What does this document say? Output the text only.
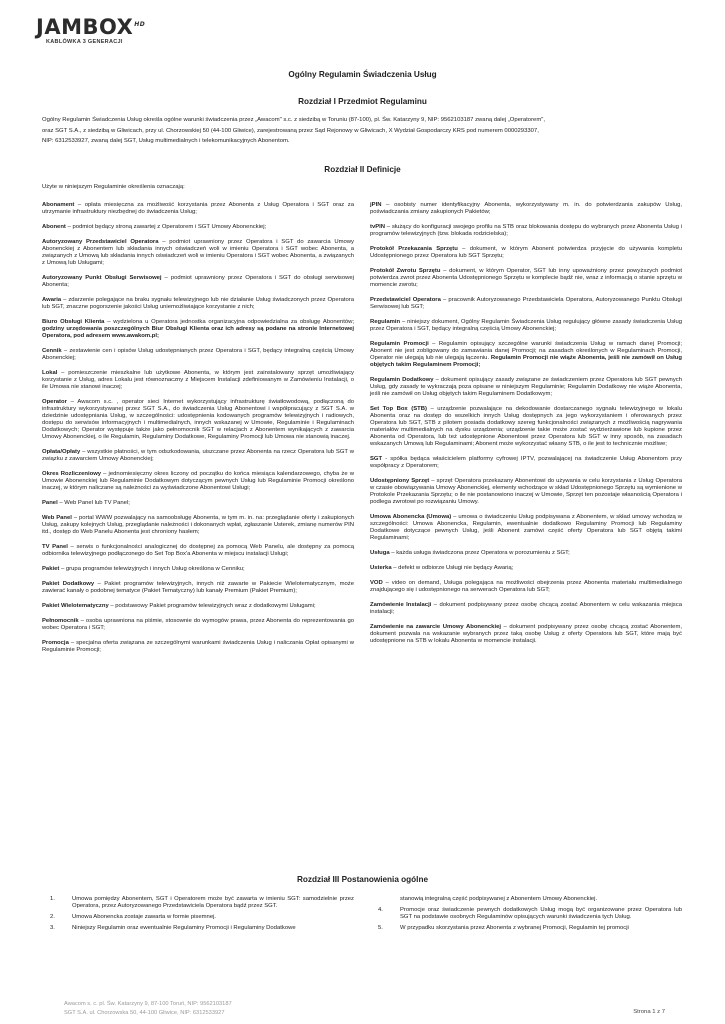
$JAMBOX^{HD}$
KABLÓWKA 3 GENERACJI
Ogólny Regulamin Świadczenia Usług
Rozdział I Przedmiot Regulaminu

Ogólny Regulamin Świadczenia Usług określa ogólne warunki świadczenia przez „Awacom" s.c. z siedzibą w Toruniu (87-100), pl. Św. Katarzyny 9, NIP: 9562103187 zwaną dalej „Operatorem",

oraz SGT S.A., z siedzibą w Gliwicach, przy ul. Chorzowskiej 50 (44-100 Gliwice), zarejestrowaną przez Sąd Rejonowy w Gliwicach, X Wydział Gospodarczy KRS pod numerem 0000293307,

NIP: 6312533927, zwaną dalej SGT, Usług multimedialnych i telekomunikacyjnych Abonentom.

Rozdział II Definicje
Użyte w niniejszym Regulaminie określenia oznaczają:

Abonament – opłata miesięczna za możliwość korzystania przez Abonenta z Usług Operatora i SGT oraz za utrzymanie infrastruktury niezbędnej do świadczenia Usług;

Abonent – podmiot będący stroną zawartej z Operatorem i SGT Umowy Abonenckiej;

Autoryzowany Przedstawiciel Operatora – podmiot uprawniony przez Operatora i SGT do zawarcia Umowy Abonenckiej z Abonentem lub składania innych oświadczeń woli w imieniu Operatora i SGT wobec Abonenta, a związanych z Umową lub składania innych oświadczeń woli w imieniu Operatora i SGT wobec Abonenta, a związanych z Umową lub Usługami;

Autoryzowany Punkt Obsługi Serwisowej – podmiot uprawniony przez Operatora i SGT do obsługi serwisowej Abonenta;

Awaria – zdarzenie polegające na braku sygnału telewizyjnego lub nie działanie Usług świadczonych przez Operatora lub SGT, znaczne pogorszenie jakości Usług uniemożliwiające korzystanie z nich;

Biuro Obsługi Klienta – wydzielona u Operatora jednostka organizacyjna odpowiedzialna za obsługę Abonentów; godziny urzędowania poszczególnych Biur Obsługi Klienta oraz ich adresy są podane na stronie Internetowej Operatora, pod adresem www.awakom.pl;

Cennik – zestawienie cen i opisów Usług udostępnianych przez Operatora i SGT, będący integralną częścią Umowy Abonenckiej;

Lokal – pomieszczenie mieszkalne lub użytkowe Abonenta, w którym jest zainstalowany sprzęt umożliwiający korzystanie z Usług, adres Lokalu jest równoznaczny z Miejscem Instalacji zdefiniowanym w Zamówieniu Instalacji, o ile Umowa nie stanowi inaczej;

Operator – Awacom s.c. , operator sieci Internet wykorzystujący infrastrukturę światłowodową, podłączoną do infrastruktury wykorzystywanej przez SGT S.A., do świadczenia Usług Abonentowi i współpracujący z SGT S.A. w dziedzinie udostępniania Usług, w szczególności: udostępnienia kodowanych programów telewizyjnych i radiowych, dostępu do serwisów informacyjnych i multimedialnych, innych wskazanej w Umowie, Regulaminie i Regulaminach Dodatkowych; Operator występuje także jako pełnomocnik SGT w relacjach z Abonentem wynikających z zawarcia Umowy Abonenckiej, o ile Regulamin, Regulaminy Dodatkowe, Regulaminy Promocji lub Umowa nie stanowią inaczej.

Opłata/Opłaty – wszystkie płatności, w tym odszkodowania, uiszczane przez Abonenta na rzecz Operatora lub SGT w związku z zawarciem Umowy Abonenckiej;

Okres Rozliczeniowy – jednomiesięczny okres liczony od początku do końca miesiąca kalendarzowego, chyba że w Umowie Abonenckiej lub Regulaminie Dodatkowym dotyczącym pewnych Usług lub Regulaminie Promocji określono inaczej, w którym naliczane są należności za wyświadczone Abonentowi Usługi;

Panel – Web Panel lub TV Panel;

Web Panel – portal WWW pozwalający na samoobsługę Abonenta, w tym m. in. na: przeglądanie oferty i zakupionych Usług, zakupy kolejnych Usług, przeglądanie należności i dokonanych wpłat, zgłaszanie Usterek, zmianę numerów PIN itd., dostęp do Web Panelu Abonenta jest chroniony hasłem;

TV Panel – serwis o funkcjonalności analogicznej do dostępnej za pomocą Web Panelu, ale dostępny za pomocą odbiornika telewizyjnego podłączonego do Set Top Box'a Abonenta w miejscu instalacji Usługi;

Pakiet – grupa programów telewizyjnych i innych Usług określona w Cenniku;

Pakiet Dodatkowy – Pakiet programów telewizyjnych, innych niż zawarte w Pakiecie Wielotematycznym, może zawierać kanały o podobnej tematyce (Pakiet Tematyczny) lub kanały Premium (Pakiet Premium);

Pakiet Wielotematyczny – podstawowy Pakiet programów telewizyjnych wraz z dodatkowymi Usługami;

Pełnomocnik – osoba uprawniona na piśmie, stosownie do wymogów prawa, przez Abonenta do reprezentowania go wobec Operatora i SGT;

Promocja – specjalna oferta związana ze szczególnymi warunkami świadczenia Usług i naliczania Opłat opisanymi w Regulaminie Promocji;

jPIN – osobisty numer identyfikacyjny Abonenta, wykorzystywany m. in. do potwierdzania zakupów Usług, poświadczania zmiany zakupionych Pakietów;

tvPIN – służący do konfiguracji swojego profilu na STB oraz blokowania dostępu do wybranych przez Abonenta Usług i programów telewizyjnych (tzw. blokada rodzicielska);

Protokół Przekazania Sprzętu – dokument, w którym Abonent potwierdza przyjęcie do używania kompletu Udostępnionego przez Operatora lub SGT Sprzętu;

Protokół Zwrotu Sprzętu – dokument, w którym Operator, SGT lub inny upoważniony przez powyższych podmiot potwierdza zwrot przez Abonenta Udostępnionego Sprzętu w komplecie bądź nie, wraz z informacją o stanie sprzętu w momencie zwrotu;

Przedstawiciel Operatora – pracownik Autoryzowanego Przedstawiciela Operatora, Autoryzowanego Punktu Obsługi Serwisowej lub SGT;

Regulamin – niniejszy dokument, Ogólny Regulamin Świadczenia Usług regulujący główne zasady świadczenia Usług przez Operatora i SGT, będący integralną częścią Umowy Abonenckiej;

Regulamin Promocji – Regulamin opisujący szczególne warunki świadczenia Usług w ramach danej Promocji; Abonent nie jest zobligowany do zamawiania danej Promocji; na zasadach określonych w Regulaminach Promocji, Operator nie ulegają lub nie ulegają łączeniu. Regulamin Promocji nie wiąże Abonenta, jeśli nie zamówił on Usług objętych takim Regulaminem Promocji;

Regulamin Dodatkowy – dokument opisujący zasady związane ze świadczeniem przez Operatora lub SGT pewnych Usług, gdy zasady te wykraczają poza opisane w niniejszym Regulaminie; Regulamin Dodatkowy nie wiąże Abonenta, jeśli nie zamówił on Usług objętych takim Regulaminem Dodatkowym;

Set Top Box (STB) – urządzenie pozwalające na dekodowanie dostarczanego sygnału telewizyjnego w lokalu Abonenta oraz na dostęp do wszelkich innych Usług dostępnych za jego wykorzystaniem i oferowanych przez Operatora lub SGT, STB z pilotem posiada dodatkowy szereg funkcjonalności związanych z możliwością nagrywania materiałów multimedialnych na dysku urządzenia; urządzenie takie może zostać wydzierżawione lub kupione przez Abonenta od Operatora, lub też udostępnione Abonentowi przez Operatora lub SGT w inny sposób, na zasadach wskazanych Umową lub Regulaminami; Abonent może wykorzystać własny STB, o ile jest to technicznie możliwe;

SGT - spółka będąca właścicielem platformy cyfrowej IPTV, pozwalającej na świadczenie Usług Abonentom przy współpracy z Operatorem;

Udostępniony Sprzęt – sprzęt Operatora przekazany Abonentowi do używania w celu korzystania z Usług Operatora w czasie obowiązywania Umowy Abonenckiej, elementy wchodzące w skład Udostępnionego Sprzętu są wymienione w Protokole Przekazania Sprzętu; o ile nie postanowiono inaczej w Umowie, Sprzęt ten pozostaje własnością Operatora i podlega zwrotowi po rozwiązaniu Umowy.

Umowa Abonencka (Umowa) – umowa o świadczeniu Usług podpisywana z Abonentem, w skład umowy wchodzą w szczególności: Umowa Abonencka, Regulamin, ewentualnie dodatkowo Regulaminy Promocji lub Regulaminy Dodatkowe dotyczące pewnych Usług, jeśli Abonent zamówi część oferty Operatora lub SGT objętą takimi Regulaminami;

Usługa – każda usługa świadczona przez Operatora w porozumieniu z SGT;

Usterka – defekt w odbiorze Usługi nie będący Awarią;

VOD – video on demand, Usługa polegająca na możliwości obejrzenia przez Abonenta materiału multimedialnego znajdującego się i udostępnionego na serwerach Operatora lub SGT;

Zamówienie Instalacji – dokument podpisywany przez osobę chcącą zostać Abonentem w celu wskazania miejsca instalacji;

Zamówienie na zawarcie Umowy Abonenckiej – dokument podpisywany przez osobę chcącą zostać Abonentem, dokument pozwala na wskazanie wybranych przez taką osobę Usług z oferty Operatora lub SGT, które mają być udostępnione na STB w lokalu Abonenta w momencie instalacji.

Rozdział III Postanowienia ogólne
1.	Umowa pomiędzy Abonentem, SGT i Operatorem może być zawarta w imieniu SGT: samodzielnie przez Operatora, przez Autoryzowanego Przedstawiciela Operatora bądź przez SGT.
2.	Umowa Abonencka zostaje zawarta w formie pisemnej.
3.	Niniejszy Regulamin oraz ewentualnie Regulaminy Promocji i Regulaminy Dodatkowe
stanowią integralną część podpisywanej z Abonentem Umowy Abonenckiej.
4.	Promocje oraz świadczenie pewnych dodatkowych Usług mogą być organizowane przez Operatora lub SGT na podstawie osobnych Regulaminów opisujących warunki świadczenia tych Usług.
5.	W przypadku skorzystania przez Abonenta z wybranej Promocji, Regulamin tej promocji
Awacom s. c. pl. Św. Katarzyny 9, 87-100 Toruń, NIP: 9562103187
SGT S.A. ul. Chorzowska 50, 44-100 Gliwice, NIP: 6312533927	Strona 1 z 7
